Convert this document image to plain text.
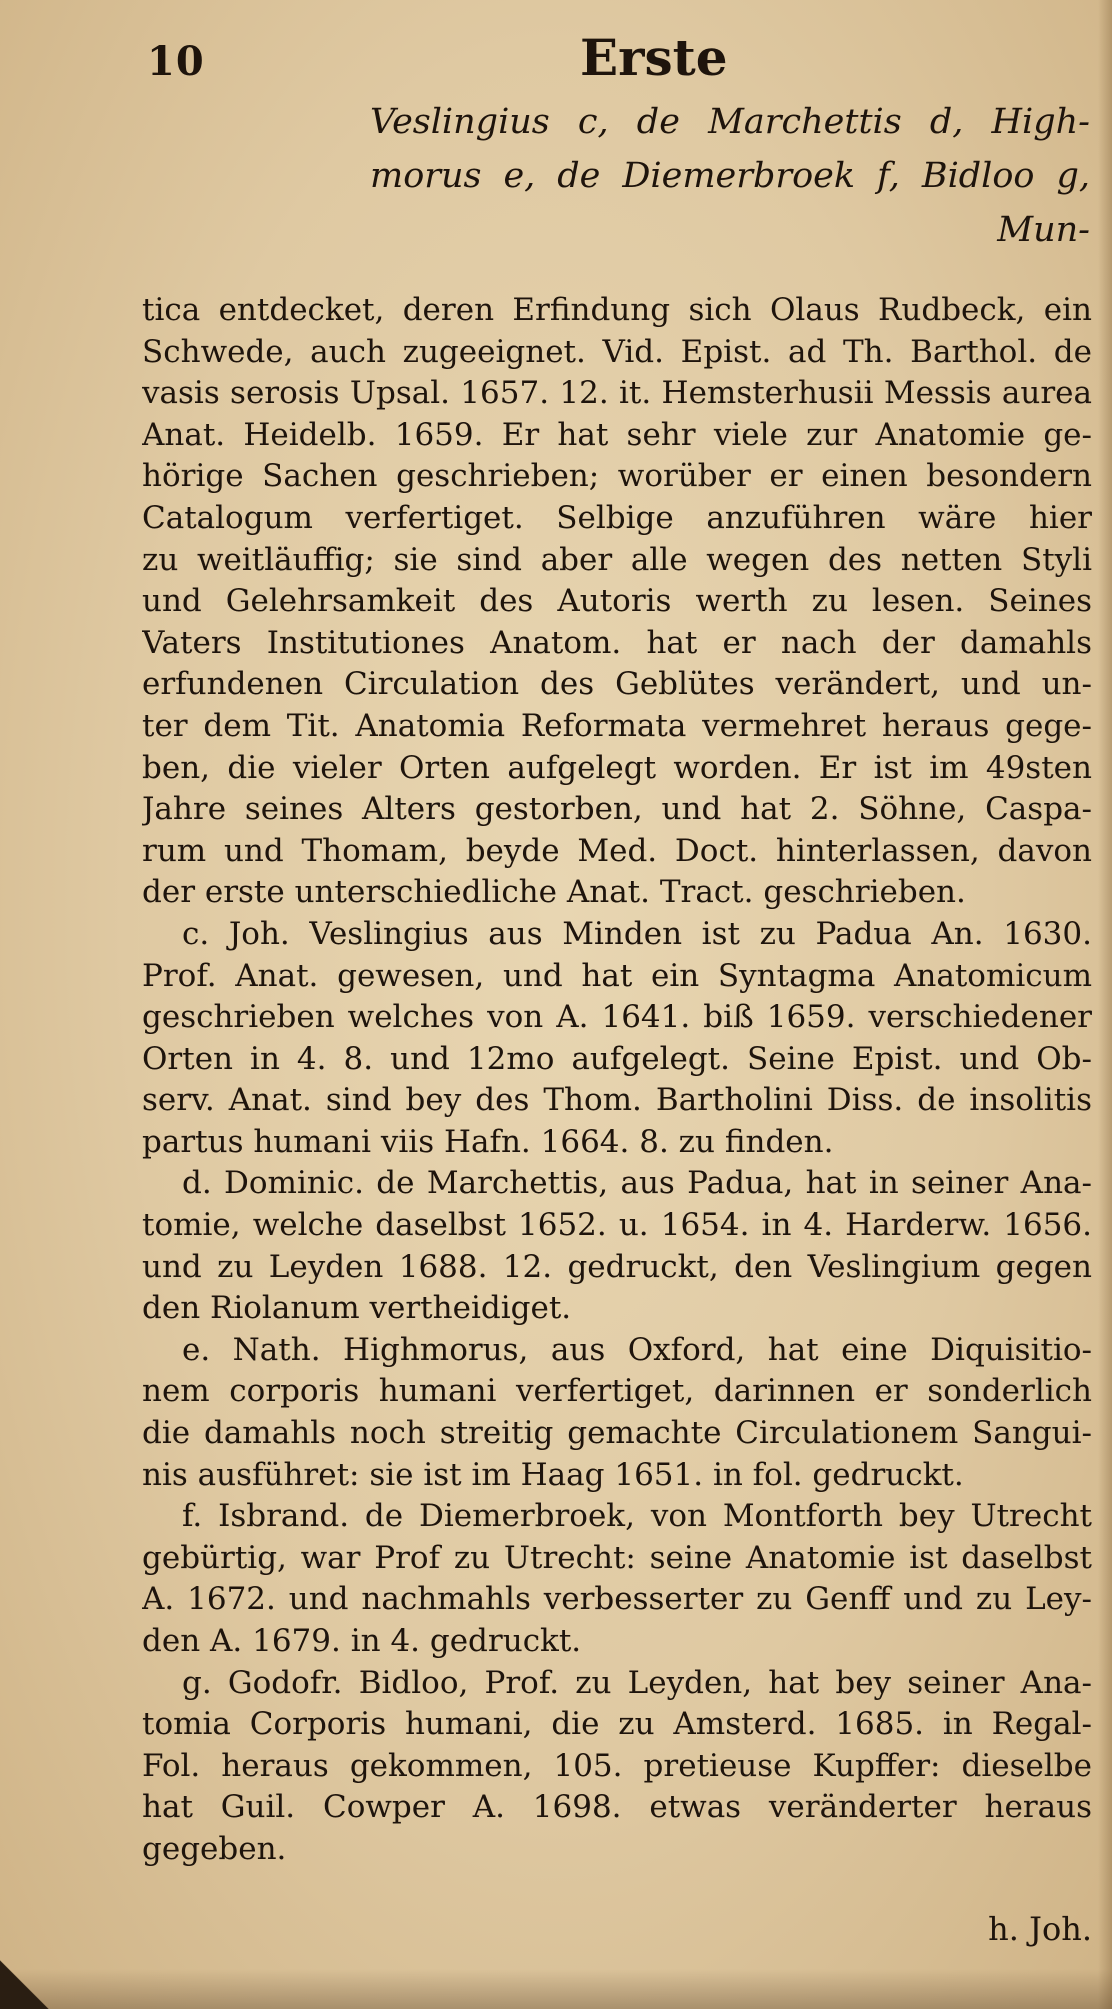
10	Erste
Veslingius c, de Marchettis d, High-
morus e, de Diemerbroek f, Bidloo g,
Mun-
tica entdecket, deren Erfindung sich Olaus Rudbeck, ein
Schwede, auch zugeeignet. Vid. Epist. ad Th. Barthol. de
vasis serosis Upsal. 1657. 12. it. Hemsterhusii Messis aurea
Anat. Heidelb. 1659. Er hat sehr viele zur Anatomie ge-
hörige Sachen geschrieben; worüber er einen besondern
Catalogum verfertiget. Selbige anzuführen wäre hier
zu weitläuffig; sie sind aber alle wegen des netten Styli
und Gelehrsamkeit des Autoris werth zu lesen. Seines
Vaters Institutiones Anatom. hat er nach der damahls
erfundenen Circulation des Geblütes verändert, und un-
ter dem Tit. Anatomia Reformata vermehret heraus gege-
ben, die vieler Orten aufgelegt worden. Er ist im 49sten
Jahre seines Alters gestorben, und hat 2. Söhne, Caspa-
rum und Thomam, beyde Med. Doct. hinterlassen, davon
der erste unterschiedliche Anat. Tract. geschrieben.
c. Joh. Veslingius aus Minden ist zu Padua An. 1630.
Prof. Anat. gewesen, und hat ein Syntagma Anatomicum
geschrieben welches von A. 1641. biß 1659. verschiedener
Orten in 4. 8. und 12mo aufgelegt. Seine Epist. und Ob-
serv. Anat. sind bey des Thom. Bartholini Diss. de insolitis
partus humani viis Hafn. 1664. 8. zu finden.
d. Dominic. de Marchettis, aus Padua, hat in seiner Ana-
tomie, welche daselbst 1652. u. 1654. in 4. Harderw. 1656.
und zu Leyden 1688. 12. gedruckt, den Veslingium gegen
den Riolanum vertheidiget.
e. Nath. Highmorus, aus Oxford, hat eine Diquisitio-
nem corporis humani verfertiget, darinnen er sonderlich
die damahls noch streitig gemachte Circulationem Sangui-
nis ausführet: sie ist im Haag 1651. in fol. gedruckt.
f. Isbrand. de Diemerbroek, von Montforth bey Utrecht
gebürtig, war Prof zu Utrecht: seine Anatomie ist daselbst
A. 1672. und nachmahls verbesserter zu Genff und zu Ley-
den A. 1679. in 4. gedruckt.
g. Godofr. Bidloo, Prof. zu Leyden, hat bey seiner Ana-
tomia Corporis humani, die zu Amsterd. 1685. in Regal-
Fol. heraus gekommen, 105. pretieuse Kupffer: dieselbe
hat Guil. Cowper A. 1698. etwas veränderter heraus
gegeben.
h. Joh.
